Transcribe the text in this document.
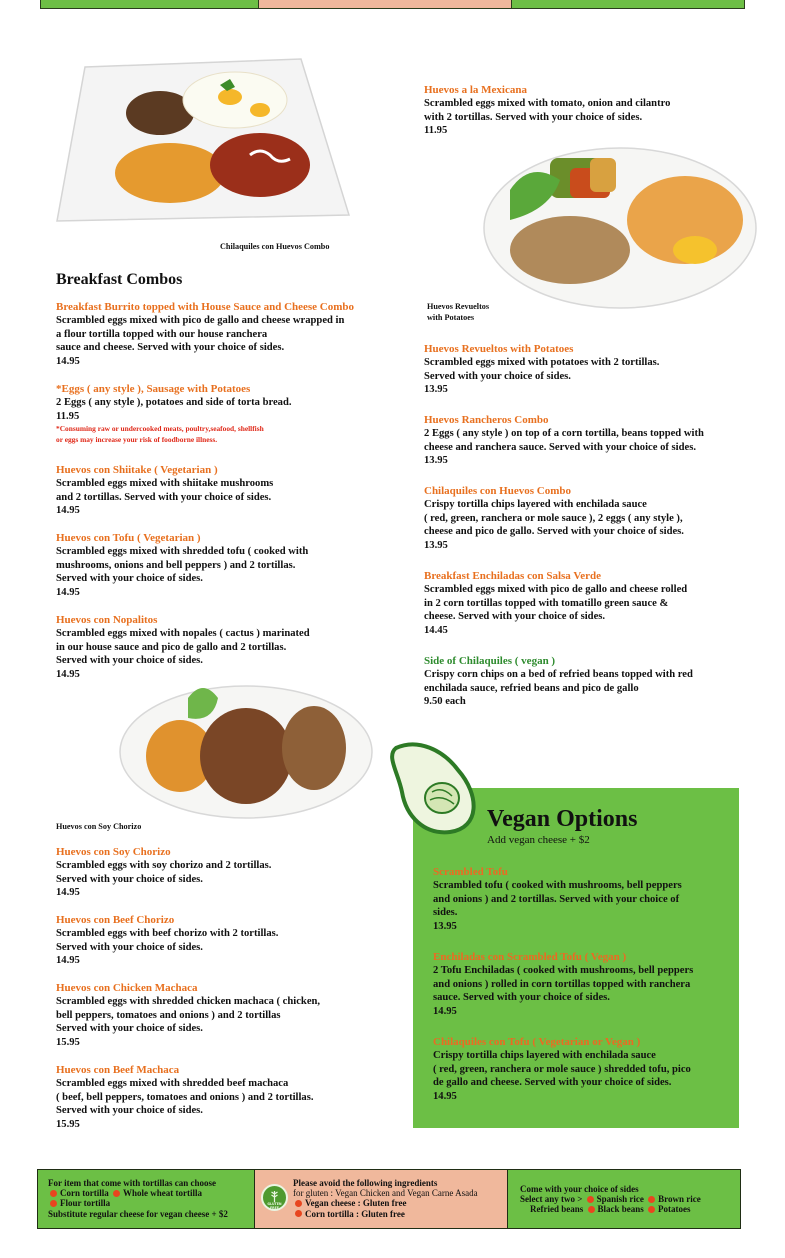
Chilaquiles con Huevos Combo
Huevos Revueltos
with Potatoes
Huevos con Soy Chorizo
Breakfast Combos
Breakfast Burrito topped with House Sauce and Cheese Combo
Scrambled eggs mixed with pico de gallo and cheese wrapped in
a flour tortilla topped with our house ranchera
sauce and cheese. Served with your choice of sides.
14.95
*Eggs ( any style ), Sausage with Potatoes
2 Eggs ( any style ), potatoes and side of torta bread.
11.95
*Consuming raw or undercooked meats, poultry,seafood, shellfish
or eggs may increase your risk of foodborne illness.
Huevos con Shiitake ( Vegetarian )
Scrambled eggs mixed with shiitake mushrooms
and 2 tortillas. Served with your choice of sides.
14.95
Huevos con Tofu ( Vegetarian )
Scrambled eggs mixed with shredded tofu ( cooked with
mushrooms, onions and bell peppers ) and 2 tortillas.
Served with your choice of sides.
14.95
Huevos con Nopalitos
Scrambled eggs mixed with nopales ( cactus ) marinated
in our house sauce and pico de gallo and 2 tortillas.
Served with your choice of sides.
14.95
Huevos con Soy Chorizo
Scrambled eggs with soy chorizo and 2 tortillas.
Served with your choice of sides.
14.95
Huevos con Beef Chorizo
Scrambled eggs with beef chorizo with 2 tortillas.
Served with your choice of sides.
14.95
Huevos con Chicken Machaca
Scrambled eggs with shredded chicken machaca ( chicken,
bell peppers, tomatoes and onions ) and 2 tortillas
Served with your choice of sides.
15.95
Huevos con Beef Machaca
Scrambled eggs mixed with shredded beef machaca
( beef, bell peppers, tomatoes and onions ) and 2 tortillas.
Served with your choice of sides.
15.95
Huevos a la Mexicana
Scrambled eggs mixed with tomato, onion and cilantro
with 2 tortillas. Served with your choice of sides.
11.95
Huevos Revueltos with Potatoes
Scrambled eggs mixed with potatoes with 2 tortillas.
Served with your choice of sides.
13.95
Huevos Rancheros Combo
2 Eggs ( any style ) on top of a corn tortilla, beans topped with
cheese and ranchera sauce. Served with your choice of sides.
13.95
Chilaquiles con Huevos Combo
Crispy tortilla chips layered with enchilada sauce
( red, green, ranchera or mole sauce ), 2 eggs ( any style ),
cheese and pico de gallo. Served with your choice of sides.
13.95
Breakfast Enchiladas con Salsa Verde
Scrambled eggs mixed with pico de gallo and cheese rolled
in 2 corn tortillas topped with tomatillo green sauce &
cheese. Served with your choice of sides.
14.45
Side of Chilaquiles ( vegan )
Crispy corn chips on a bed of refried beans topped with red
enchilada sauce, refried beans and pico de gallo
9.50 each
Vegan Options
Add vegan cheese + $2
Scrambled Tofu
Scrambled tofu ( cooked with mushrooms, bell peppers
and onions ) and 2 tortillas. Served with your choice of
sides.
13.95
Enchiladas con Scrambled Tofu ( Vegan )
2 Tofu Enchiladas ( cooked with mushrooms, bell peppers
and onions ) rolled in corn tortillas topped with ranchera
sauce. Served with your choice of sides.
14.95
Chilaquiles con Tofu ( Vegetarian or Vegan )
Crispy tortilla chips layered with enchilada sauce
( red, green, ranchera or mole sauce ) shredded tofu, pico
de gallo and cheese. Served with your choice of sides.
14.95
For item that come with tortillas can choose
Corn tortilla Whole wheat tortilla
Flour tortilla
Substitute regular cheese for vegan cheese + $2
GLUTEN FREE
Please avoid the following ingredients
for gluten : Vegan Chicken and Vegan Carne Asada
Vegan cheese : Gluten free
Corn tortilla : Gluten free
Come with your choice of sides
Select any two > Spanish rice Brown rice
Refried beans Black beans Potatoes
